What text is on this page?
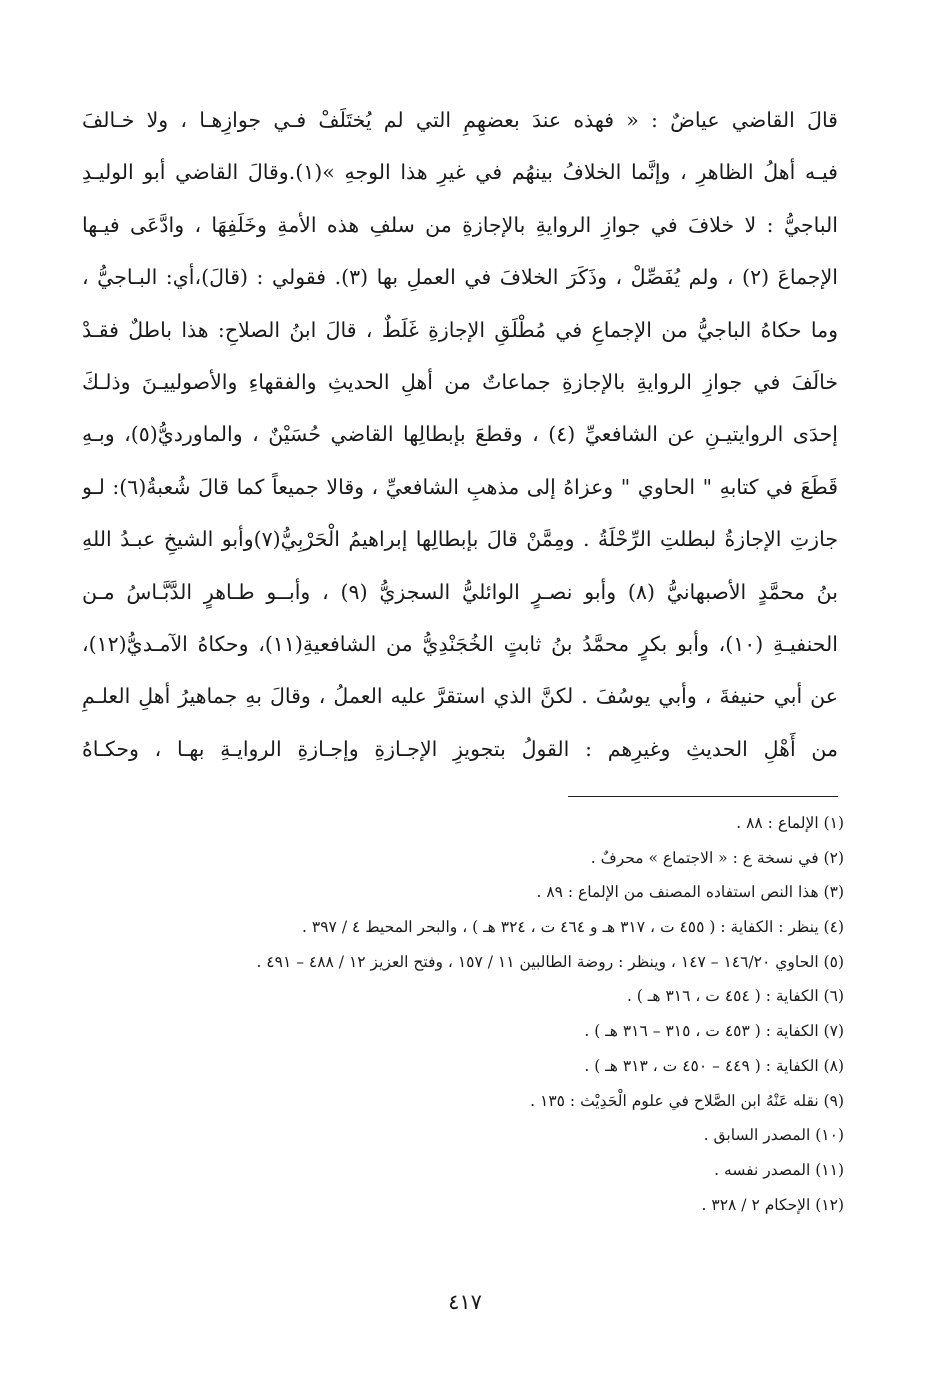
قالَ القاضي عياضٌ : « فهذه عندَ بعضهِمِ التي لم يُختَلَفْ فـي جوازِهـا ، ولا خـالفَ
فيـه أهلُ الظاهرِ ، وإنَّما الخلافُ بينهُم في غيرِ هذا الوجهِ »(١).وقالَ القاضي أبو الوليـدِ
الباجيُّ : لا خلافَ في جوازِ الروايةِ بالإجازةِ من سلفِ هذه الأمةِ وخَلَفِهَا ، وادَّعَى فيـها
الإجماعَ (٢) ، ولم يُفَصِّلْ ، وذَكَرَ الخلافَ في العملِ بها (٣). فقولي : (قالَ)،أي: البـاجيُّ ،
وما حكاهُ الباجيُّ من الإجماعِ في مُطْلَقِ الإجازةِ غَلَطٌ ، قالَ ابنُ الصلاحِ: هذا باطلٌ فقـدْ
خالَفَ في جوازِ الروايةِ بالإجازةِ جماعاتٌ من أهلِ الحديثِ والفقهاءِ والأصولييـنَ وذلـكَ
إحدَى الروايتيـنِ عن الشافعيِّ (٤) ، وقطعَ بإبطالِها القاضي حُسَيْنٌ ، والماورديُّ(٥)، وبـهِ
قَطَعَ في كتابهِ " الحاوي " وعزاهُ إلى مذهبِ الشافعيِّ ، وقالا جميعاً كما قالَ شُعبةُ(٦): لـو
جازتِ الإجازةُ لبطلتِ الرِّحْلَةُ . ومِمَّنْ قالَ بإبطالِها إبراهيمُ الْحَرْبِيُّ(٧)وأبو الشيخِ عبـدُ اللهِ
بنُ محمَّدٍ الأصبهانيُّ (٨) وأبو نصـرٍ الوائليُّ السجزيُّ (٩) ، وأبــو طـاهرٍ الدَّبَّـاسُ مـن
الحنفيـةِ (١٠)، وأبو بكرٍ محمَّدُ بنُ ثابتٍ الخُجَنْدِيُّ من الشافعيةِ(١١)، وحكاهُ الآمـديُّ(١٢)،
عن أبي حنيفةَ ، وأبي يوسُفَ . لكنَّ الذي استقرَّ عليه العملُ ، وقالَ بهِ جماهيرُ أهلِ العلـمِ
من أَهْلِ الحديثِ وغيرِهم : القولُ بتجويزِ الإجـازةِ وإجـازةِ الروايـةِ بهـا ، وحكـاهُ
(١) الإلماع : ٨٨ .
(٢) في نسخة ع : « الاجتماع » محرفٌ .
(٣) هذا النص استفاده المصنف من الإلماع : ٨٩ .
(٤) ينظر : الكفاية : ( ٤٥٥ ت ، ٣١٧ هـ و ٤٦٤ ت ، ٣٢٤ هـ ) ، والبحر المحيط ٤ / ٣٩٧ .
(٥) الحاوي ١٤٦/٢٠ – ١٤٧ ، وينظر : روضة الطالبين ١١ / ١٥٧ ، وفتح العزيز ١٢ / ٤٨٨ – ٤٩١ .
(٦) الكفاية : ( ٤٥٤ ت ، ٣١٦ هـ ) .
(٧) الكفاية : ( ٤٥٣ ت ، ٣١٥ – ٣١٦ هـ ) .
(٨) الكفاية : ( ٤٤٩ – ٤٥٠ ت ، ٣١٣ هـ ) .
(٩) نقله عَنْهُ ابن الصَّلاح في علوم الْحَدِيْث : ١٣٥ .
(١٠) المصدر السابق .
(١١) المصدر نفسه .
(١٢) الإحكام ٢ / ٣٢٨ .
٤١٧
